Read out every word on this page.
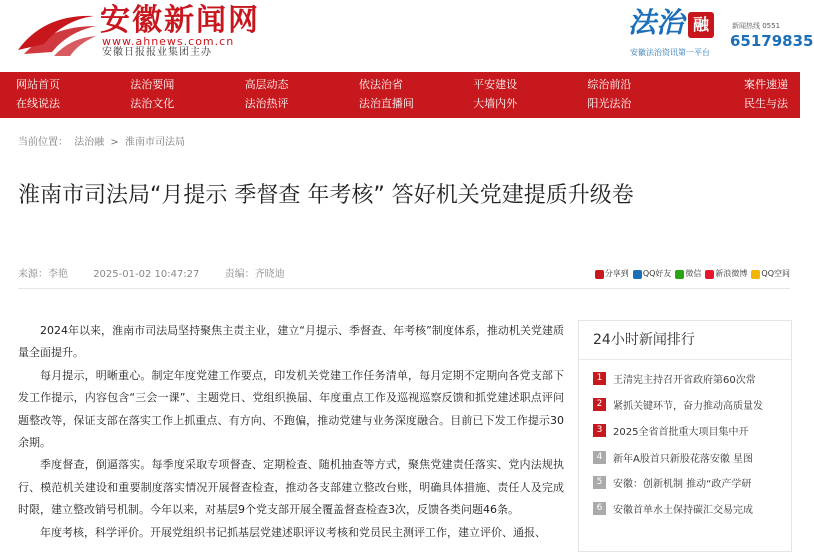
安徽新闻网
www.ahnews.com.cn
安徽日报报业集团主办
法治 融
安徽法治资讯第一平台
新闻热线 0551
65179835
网站首页	法治要闻	高层动态	依法治省	平安建设	综治前沿	案件速递
在线说法	法治文化	法治热评	法治直播间	大墙内外	阳光法治	民生与法
当前位置： 法治融 > 淮南市司法局
淮南市司法局“月提示 季督查 年考核” 答好机关党建提质升级卷
来源：李艳	2025-01-02 10:47:27	责编：齐晓迪	分享到 QQ好友 微信 新浪微博 QQ空间

2024年以来，淮南市司法局坚持聚焦主责主业，建立“月提示、季督查、年考核”制度体系，推动机关党建质量全面提升。

每月提示，明晰重心。制定年度党建工作要点，印发机关党建工作任务清单，每月定期不定期向各党支部下发工作提示，内容包含“三会一课”、主题党日、党组织换届、年度重点工作及巡视巡察反馈和抓党建述职点评问题整改等，保证支部在落实工作上抓重点、有方向、不跑偏，推动党建与业务深度融合。目前已下发工作提示30余期。

季度督查，倒逼落实。每季度采取专项督查、定期检查、随机抽查等方式，聚焦党建责任落实、党内法规执行、模范机关建设和重要制度落实情况开展督查检查，推动各支部建立整改台账，明确具体措施、责任人及完成时限，建立整改销号机制。今年以来，对基层9个党支部开展全覆盖督查检查3次，反馈各类问题46条。

年度考核，科学评价。开展党组织书记抓基层党建述职评议考核和党员民主测评工作，建立评价、通报、

24小时新闻排行
1	王清宪主持召开省政府第60次常
2	紧抓关键环节，奋力推动高质量发
3	2025全省首批重大项目集中开
4	新年A股首只新股花落安徽 星图
5	安徽：创新机制 推动“政产学研
6	安徽首单水土保持碳汇交易完成
